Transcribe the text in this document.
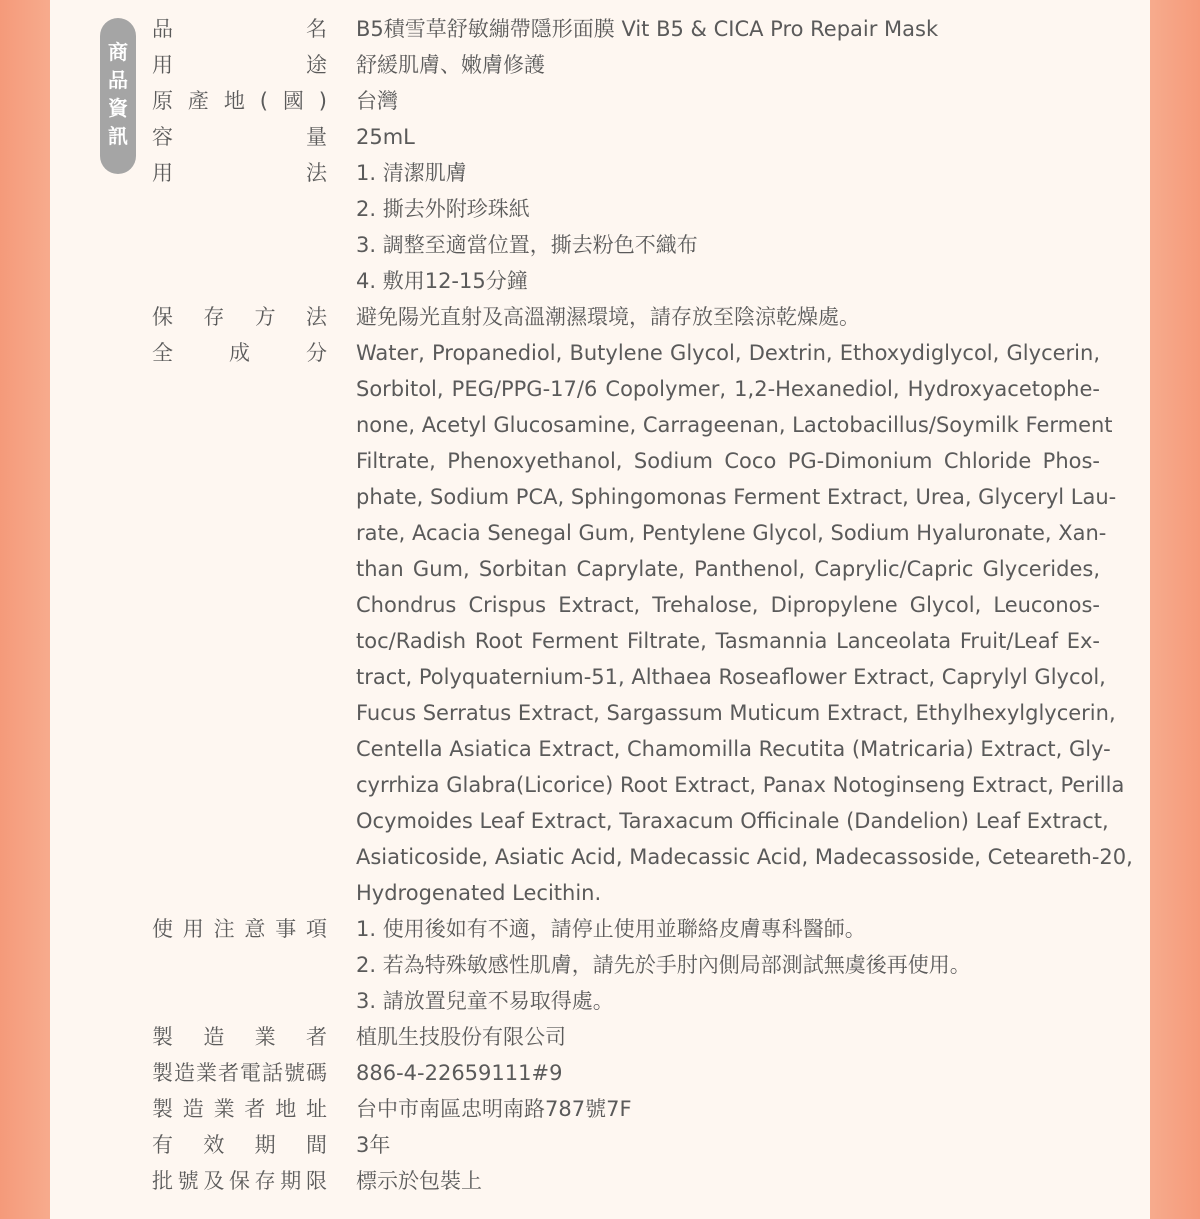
商
品
資
訊
品	名 B5積雪草舒敏繃帶隱形面膜 Vit B5 & CICA Pro Repair Mask
用	途 舒緩肌膚、嫩膚修護
原 產 地 ( 國 ) 台灣
容	量 25mL
用	法 1. 清潔肌膚
2. 撕去外附珍珠紙
3. 調整至適當位置，撕去粉色不織布
4. 敷用12-15分鐘
保 存 方 法 避免陽光直射及高溫潮濕環境，請存放至陰涼乾燥處。
全	成	分 Water, Propanediol, Butylene Glycol, Dextrin, Ethoxydiglycol, Glycerin,
Sorbitol, PEG/PPG-17/6 Copolymer, 1,2-Hexanediol, Hydroxyacetophe-
none, Acetyl Glucosamine, Carrageenan, Lactobacillus/Soymilk Ferment
Filtrate, Phenoxyethanol, Sodium Coco PG-Dimonium Chloride Phos-
phate, Sodium PCA, Sphingomonas Ferment Extract, Urea, Glyceryl Lau-
rate, Acacia Senegal Gum, Pentylene Glycol, Sodium Hyaluronate, Xan-
than Gum, Sorbitan Caprylate, Panthenol, Caprylic/Capric Glycerides,
Chondrus Crispus Extract, Trehalose, Dipropylene Glycol, Leuconos-
toc/Radish Root Ferment Filtrate, Tasmannia Lanceolata Fruit/Leaf Ex-
tract, Polyquaternium-51, Althaea Roseaflower Extract, Caprylyl Glycol,
Fucus Serratus Extract, Sargassum Muticum Extract, Ethylhexylglycerin,
Centella Asiatica Extract, Chamomilla Recutita (Matricaria) Extract, Gly-
cyrrhiza Glabra(Licorice) Root Extract, Panax Notoginseng Extract, Perilla
Ocymoides Leaf Extract, Taraxacum Officinale (Dandelion) Leaf Extract,
Asiaticoside, Asiatic Acid, Madecassic Acid, Madecassoside, Ceteareth-20,
Hydrogenated Lecithin.
使 用 注 意 事 項 1. 使用後如有不適，請停止使用並聯絡皮膚專科醫師。
2. 若為特殊敏感性肌膚，請先於手肘內側局部測試無虞後再使用。
3. 請放置兒童不易取得處。
製 造 業 者 植肌生技股份有限公司
製 造 業 者 電 話 號 碼 886-4-22659111#9
製 造 業 者 地 址 台中市南區忠明南路787號7F
有 效 期 間 3年
批 號 及 保 存 期 限 標示於包裝上
